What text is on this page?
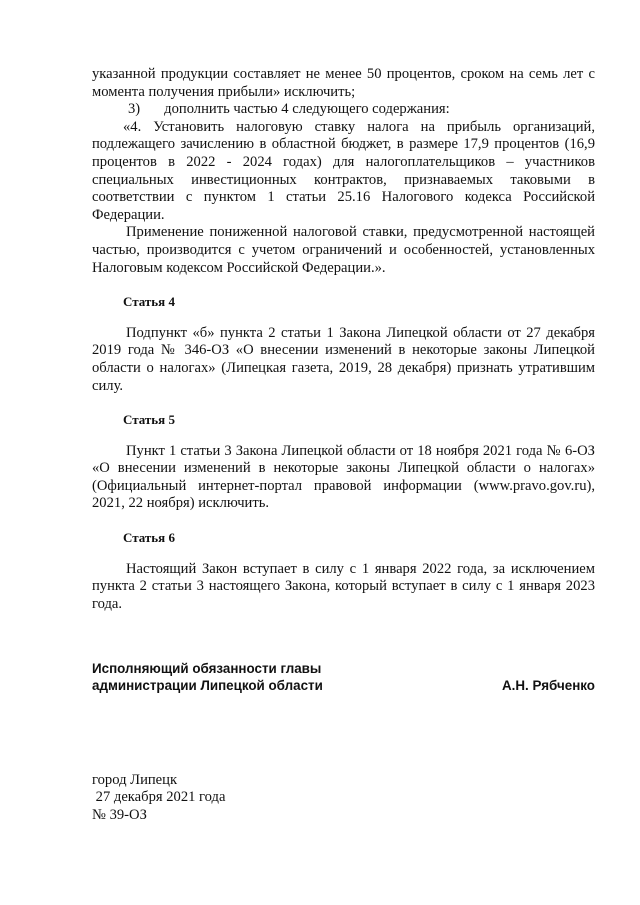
указанной продукции составляет не менее 50 процентов, сроком на семь лет с момента получения прибыли» исключить;

3) дополнить частью 4 следующего содержания:

«4. Установить налоговую ставку налога на прибыль организаций, подлежащего зачислению в областной бюджет, в размере 17,9 процентов (16,9 процентов в 2022 - 2024 годах) для налогоплательщиков – участников специальных инвестиционных контрактов, признаваемых таковыми в соответствии с пунктом 1 статьи 25.16 Налогового кодекса Российской Федерации.

Применение пониженной налоговой ставки, предусмотренной настоящей частью, производится с учетом ограничений и особенностей, установленных Налоговым кодексом Российской Федерации.».

Статья 4

Подпункт «б» пункта 2 статьи 1 Закона Липецкой области от 27 декабря 2019 года № 346-ОЗ «О внесении изменений в некоторые законы Липецкой области о налогах» (Липецкая газета, 2019, 28 декабря) признать утратившим силу.

Статья 5

Пункт 1 статьи 3 Закона Липецкой области от 18 ноября 2021 года № 6-ОЗ «О внесении изменений в некоторые законы Липецкой области о налогах» (Официальный интернет-портал правовой информации (www.pravo.gov.ru), 2021, 22 ноября) исключить.

Статья 6

Настоящий Закон вступает в силу с 1 января 2022 года, за исключением пункта 2 статьи 3 настоящего Закона, который вступает в силу с 1 января 2023 года.

Исполняющий обязанности главы
администрации Липецкой области	А.Н. Рябченко
город Липецк
27 декабря 2021 года
№ 39-ОЗ
